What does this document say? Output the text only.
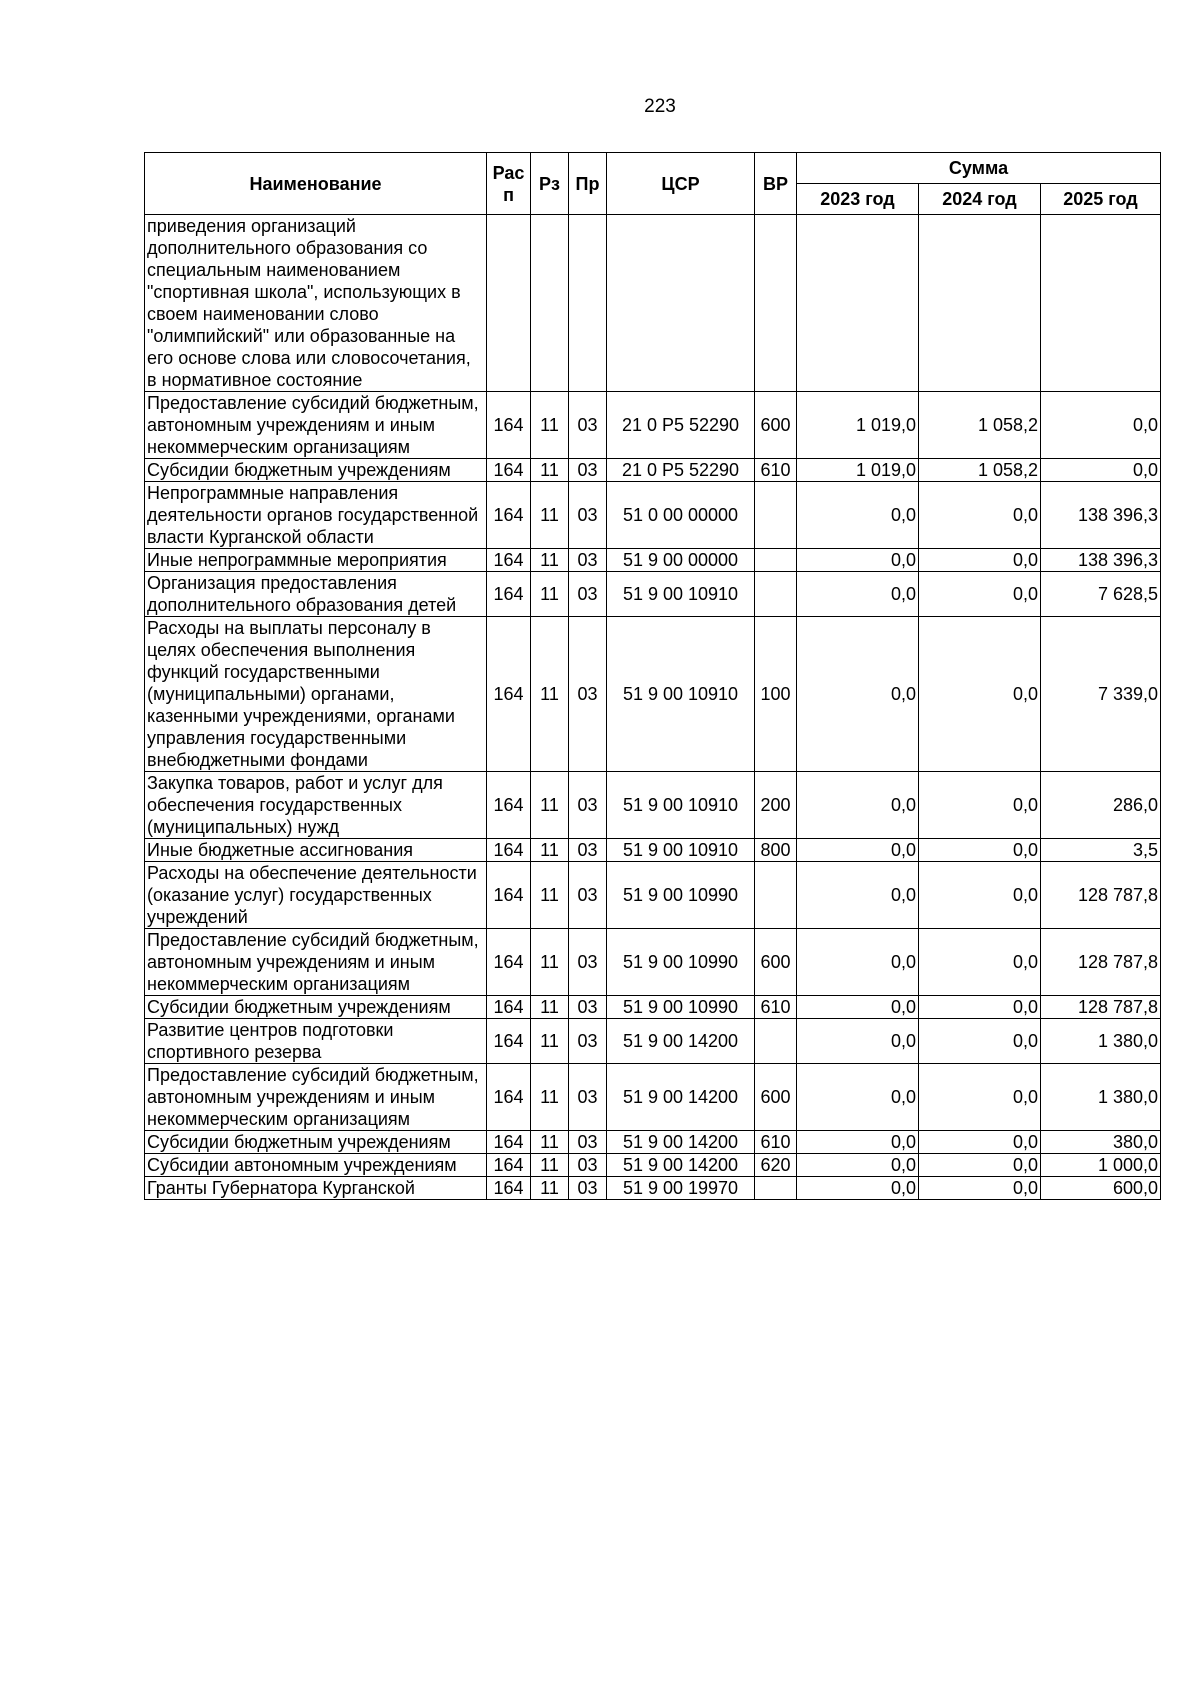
223
Наименование	Рас п	Рз	Пр	ЦСР	ВР	Сумма		
						2023 год	2024 год	2025 год
приведения организаций дополнительного образования со специальным наименованием "спортивная школа", использующих в своем наименовании слово "олимпийский" или образованные на его основе слова или словосочетания, в нормативное состояние								
Предоставление субсидий бюджетным, автономным учреждениям и иным некоммерческим организациям	164	11	03	21 0 P5 52290	600	1 019,0	1 058,2	0,0
Субсидии бюджетным учреждениям	164	11	03	21 0 P5 52290	610	1 019,0	1 058,2	0,0
Непрограммные направления деятельности органов государственной власти Курганской области	164	11	03	51 0 00 00000		0,0	0,0	138 396,3
Иные непрограммные мероприятия	164	11	03	51 9 00 00000		0,0	0,0	138 396,3
Организация предоставления дополнительного образования детей	164	11	03	51 9 00 10910		0,0	0,0	7 628,5
Расходы на выплаты персоналу в целях обеспечения выполнения функций государственными (муниципальными) органами, казенными учреждениями, органами управления государственными внебюджетными фондами	164	11	03	51 9 00 10910	100	0,0	0,0	7 339,0
Закупка товаров, работ и услуг для обеспечения государственных (муниципальных) нужд	164	11	03	51 9 00 10910	200	0,0	0,0	286,0
Иные бюджетные ассигнования	164	11	03	51 9 00 10910	800	0,0	0,0	3,5
Расходы на обеспечение деятельности (оказание услуг) государственных учреждений	164	11	03	51 9 00 10990		0,0	0,0	128 787,8
Предоставление субсидий бюджетным, автономным учреждениям и иным некоммерческим организациям	164	11	03	51 9 00 10990	600	0,0	0,0	128 787,8
Субсидии бюджетным учреждениям	164	11	03	51 9 00 10990	610	0,0	0,0	128 787,8
Развитие центров подготовки спортивного резерва	164	11	03	51 9 00 14200		0,0	0,0	1 380,0
Предоставление субсидий бюджетным, автономным учреждениям и иным некоммерческим организациям	164	11	03	51 9 00 14200	600	0,0	0,0	1 380,0
Субсидии бюджетным учреждениям	164	11	03	51 9 00 14200	610	0,0	0,0	380,0
Субсидии автономным учреждениям	164	11	03	51 9 00 14200	620	0,0	0,0	1 000,0
Гранты Губернатора Курганской	164	11	03	51 9 00 19970		0,0	0,0	600,0
